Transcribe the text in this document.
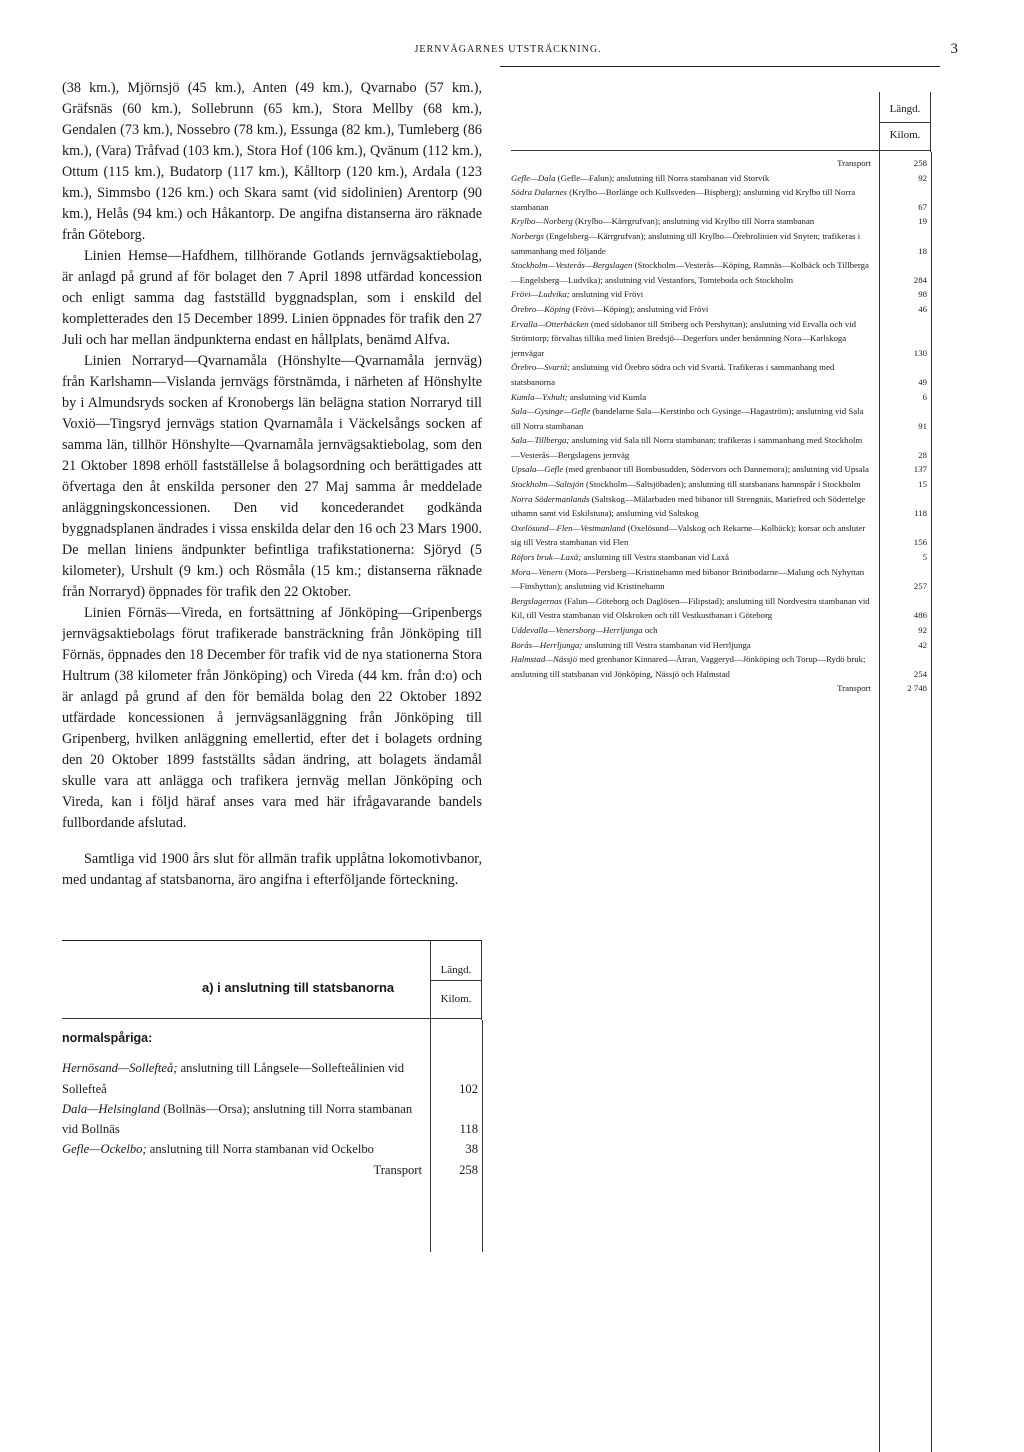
JERNVÄGARNES UTSTRÄCKNING.	3

(38 km.), Mjörnsjö (45 km.), Anten (49 km.), Qvarnabo (57 km.), Gräfsnäs (60 km.), Sollebrunn (65 km.), Stora Mellby (68 km.), Gendalen (73 km.), Nossebro (78 km.), Essunga (82 km.), Tumleberg (86 km.), (Vara) Tråfvad (103 km.), Stora Hof (106 km.), Qvänum (112 km.), Ottum (115 km.), Budatorp (117 km.), Kålltorp (120 km.), Ardala (123 km.), Simmsbo (126 km.) och Skara samt (vid sidolinien) Arentorp (90 km.), Helås (94 km.) och Håkantorp. De angifna distanserna äro räknade från Göteborg.

Linien Hemse—Hafdhem, tillhörande Gotlands jernvägsaktiebolag, är anlagd på grund af för bolaget den 7 April 1898 utfärdad koncession och enligt samma dag fastställd byggnadsplan, som i enskild del kompletterades den 15 December 1899. Linien öppnades för trafik den 27 Juli och har mellan ändpunkterna endast en hållplats, benämd Alfva.

Linien Norraryd—Qvarnamåla (Hönshylte—Qvarnamåla jernväg) från Karlshamn—Vislanda jernvägs förstnämda, i närheten af Hönshylte by i Almundsryds socken af Kronobergs län belägna station Norraryd till Voxiö—Tingsryd jernvägs station Qvarnamåla i Väckelsångs socken af samma län, tillhör Hönshylte—Qvarnamåla jernvägsaktiebolag, som den 21 Oktober 1898 erhöll fastställelse å bolagsordning och berättigades att öfvertaga den åt enskilda personer den 27 Maj samma år meddelade anläggningskoncessionen. Den vid koncederandet godkända byggnadsplanen ändrades i vissa enskilda delar den 16 och 23 Mars 1900. De mellan liniens ändpunkter befintliga trafikstationerna: Sjöryd (5 kilometer), Urshult (9 km.) och Rösmåla (15 km.; distanserna räknade från Norraryd) öppnades för trafik den 22 Oktober.

Linien Förnäs—Vireda, en fortsättning af Jönköping—Gripenbergs jernvägsaktiebolags förut trafikerade bansträckning från Jönköping till Förnäs, öppnades den 18 December för trafik vid de nya stationerna Stora Hultrum (38 kilometer från Jönköping) och Vireda (44 km. från d:o) och är anlagd på grund af den för bemälda bolag den 22 Oktober 1892 utfärdade koncessionen å jernvägsanläggning från Jönköping till Gripenberg, hvilken anläggning emellertid, efter det i bolagets ordning den 20 Oktober 1899 fastställts sådan ändring, att bolagets ändamål skulle vara att anlägga och trafikera jernväg mellan Jönköping och Vireda, kan i följd häraf anses vara med här ifrågavarande bandels fullbordande afslutad.

Samtliga vid 1900 års slut för allmän trafik upplåtna lokomotivbanor, med undantag af statsbanorna, äro angifna i efterföljande förteckning.

Längd.
Kilom.
a) i anslutning till statsbanorna
normalspåriga:
Hernösand—Sollefteå; anslutning till Långsele—Sollefteålinien vid Sollefteå	102
Dala—Helsingland (Bollnäs—Orsa); anslutning till Norra stambanan vid Bollnäs	118
Gefle—Ockelbo; anslutning till Norra stambanan vid Ockelbo	38
Transport	258
Längd.
Kilom.
Transport	258
Gefle—Dala (Gefle—Falun); anslutning till Norra stambanan vid Storvik	92
Södra Dalarnes (Krylbo—Borlänge och Kullsveden—Bispberg); anslutning vid Krylbo till Norra stambanan	67
Krylbo—Norberg (Krylbo—Kärrgrufvan); anslutning vid Krylbo till Norra stambanan	19
Norbergs (Engelsberg—Kärrgrufvan); anslutning till Krylbo—Örebrolinien vid Snyten; trafikeras i sammanhang med följande	18
Stockholm—Vesterås—Bergslagen (Stockholm—Vesterås—Köping, Ramnäs—Kolbäck och Tillberga—Engelsberg—Ludvika); anslutning vid Vestanfors, Tomteboda och Stockholm	284
Frövi—Ludvika; anslutning vid Frövi	98
Örebro—Köping (Frövi—Köping); anslutning vid Frövi	46
Ervalla—Otterbäcken (med sidobanor till Striberg och Pershyttan); anslutning vid Ervalla och vid Strömtorp; förvaltas tillika med linien Bredsjö—Degerfors under benämning Nora—Karlskoga jernvägar	130
Örebro—Svartå; anslutning vid Örebro södra och vid Svartå. Trafikeras i sammanhang med statsbanorna	49
Kumla—Yxhult; anslutning vid Kumla	6
Sala—Gysinge—Gefle (bandelarne Sala—Kerstinbo och Gysinge—Hagaström); anslutning vid Sala till Norra stambanan	91
Sala—Tillberga; anslutning vid Sala till Norra stambanan; trafikeras i sammanhang med Stockholm—Vesterås—Bergslagens jernväg	28
Upsala—Gefle (med grenbanor till Bombusudden, Södervors och Dannemora); anslutning vid Upsala	137
Stockholm—Saltsjön (Stockholm—Saltsjöbaden); anslutning till statsbanans hamnspår i Stockholm	15
Norra Södermanlands (Saltskog—Mälarbaden med bibanor till Strengnäs, Mariefred och Södertelge uthamn samt vid Eskilstuna); anslutning vid Saltskog	118
Oxelösund—Flen—Vestmanland (Oxelösund—Valskog och Rekarne—Kolbäck); korsar och ansluter sig till Vestra stambanan vid Flen	156
Röfors bruk—Laxå; anslutning till Vestra stambanan vid Laxå	5
Mora—Venern (Mora—Persberg—Kristinehamn med bibanor Brintbodarne—Malung och Nyhyttan—Finshyttan); anslutning vid Kristinehamn	257
Bergslagernas (Falun—Göteborg och Daglösen—Filipstad); anslutning till Nordvestra stambanan vid Kil, till Vestra stambanan vid Olskroken och till Vestkustbanan i Göteborg	486
Uddevalla—Venersborg—Herrljunga och	92
Borås—Herrljunga; anslutning till Vestra stambanan vid Herrljunga	42
Halmstad—Nässjö med grenbanor Kinnared—Ätran, Vaggeryd—Jönköping och Torup—Rydö bruk; anslutning till statsbanan vid Jönköping, Nässjö och Halmstad	254
Transport	2 748
